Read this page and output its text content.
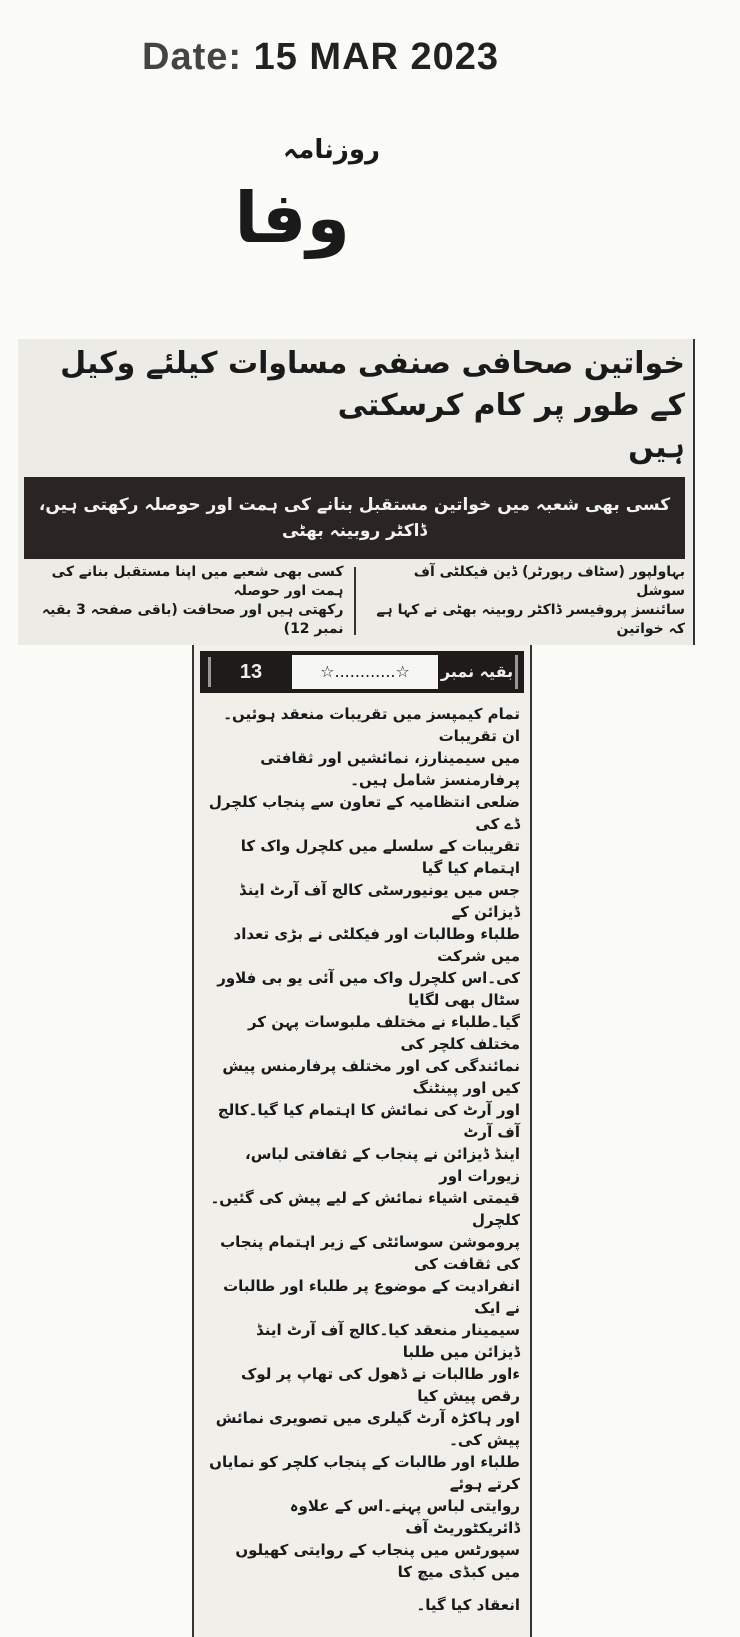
Date: 15 MAR 2023
روزنامہ
وفا
خواتین صحافی صنفی مساوات کیلئے وکیل کے طور پر کام کرسکتی
ہیں
کسی بھی شعبہ میں خواتین مستقبل بنانے کی ہمت اور حوصلہ رکھتی ہیں، ڈاکٹر روبینہ بھٹی
بہاولپور (سٹاف رپورٹر) ڈین فیکلٹی آف سوشل
سائنسز پروفیسر ڈاکٹر روبینہ بھٹی نے کہا ہے کہ خواتین
کسی بھی شعبے میں اپنا مستقبل بنانے کی ہمت اور حوصلہ
رکھتی ہیں اور صحافت (باقی صفحہ 3 بقیہ نمبر 12)
بقیہ نمبر
☆............☆
13
تمام کیمپسز میں تقریبات منعقد ہوئیں۔ان تقریبات
میں سیمینارز، نمائشیں اور ثقافتی پرفارمنسز شامل ہیں۔
ضلعی انتظامیہ کے تعاون سے پنجاب کلچرل ڈے کی
تقریبات کے سلسلے میں کلچرل واک کا اہتمام کیا گیا
جس میں یونیورسٹی کالج آف آرٹ اینڈ ڈیزائن کے
طلباء وطالبات اور فیکلٹی نے بڑی تعداد میں شرکت
کی۔اس کلچرل واک میں آئی یو بی فلاور سٹال بھی لگایا
گیا۔طلباء نے مختلف ملبوسات پہن کر مختلف کلچر کی
نمائندگی کی اور مختلف پرفارمنس پیش کیں اور پینٹنگ
اور آرٹ کی نمائش کا اہتمام کیا گیا۔کالج آف آرٹ
اینڈ ڈیزائن نے پنجاب کے ثقافتی لباس، زیورات اور
قیمتی اشیاء نمائش کے لیے پیش کی گئیں۔کلچرل
پروموشن سوسائٹی کے زیر اہتمام پنجاب کی ثقافت کی
انفرادیت کے موضوع پر طلباء اور طالبات نے ایک
سیمینار منعقد کیا۔کالج آف آرٹ اینڈ ڈیزائن میں طلبا
ءاور طالبات نے ڈھول کی تھاپ پر لوک رقص پیش کیا
اور ہاکڑہ آرٹ گیلری میں تصویری نمائش پیش کی۔
طلباء اور طالبات کے پنجاب کلچر کو نمایاں کرتے ہوئے
روایتی لباس پہنے۔اس کے علاوہ ڈائریکٹوریٹ آف
سپورٹس میں پنجاب کے روایتی کھیلوں میں کبڈی میچ کا
انعقاد کیا گیا۔
